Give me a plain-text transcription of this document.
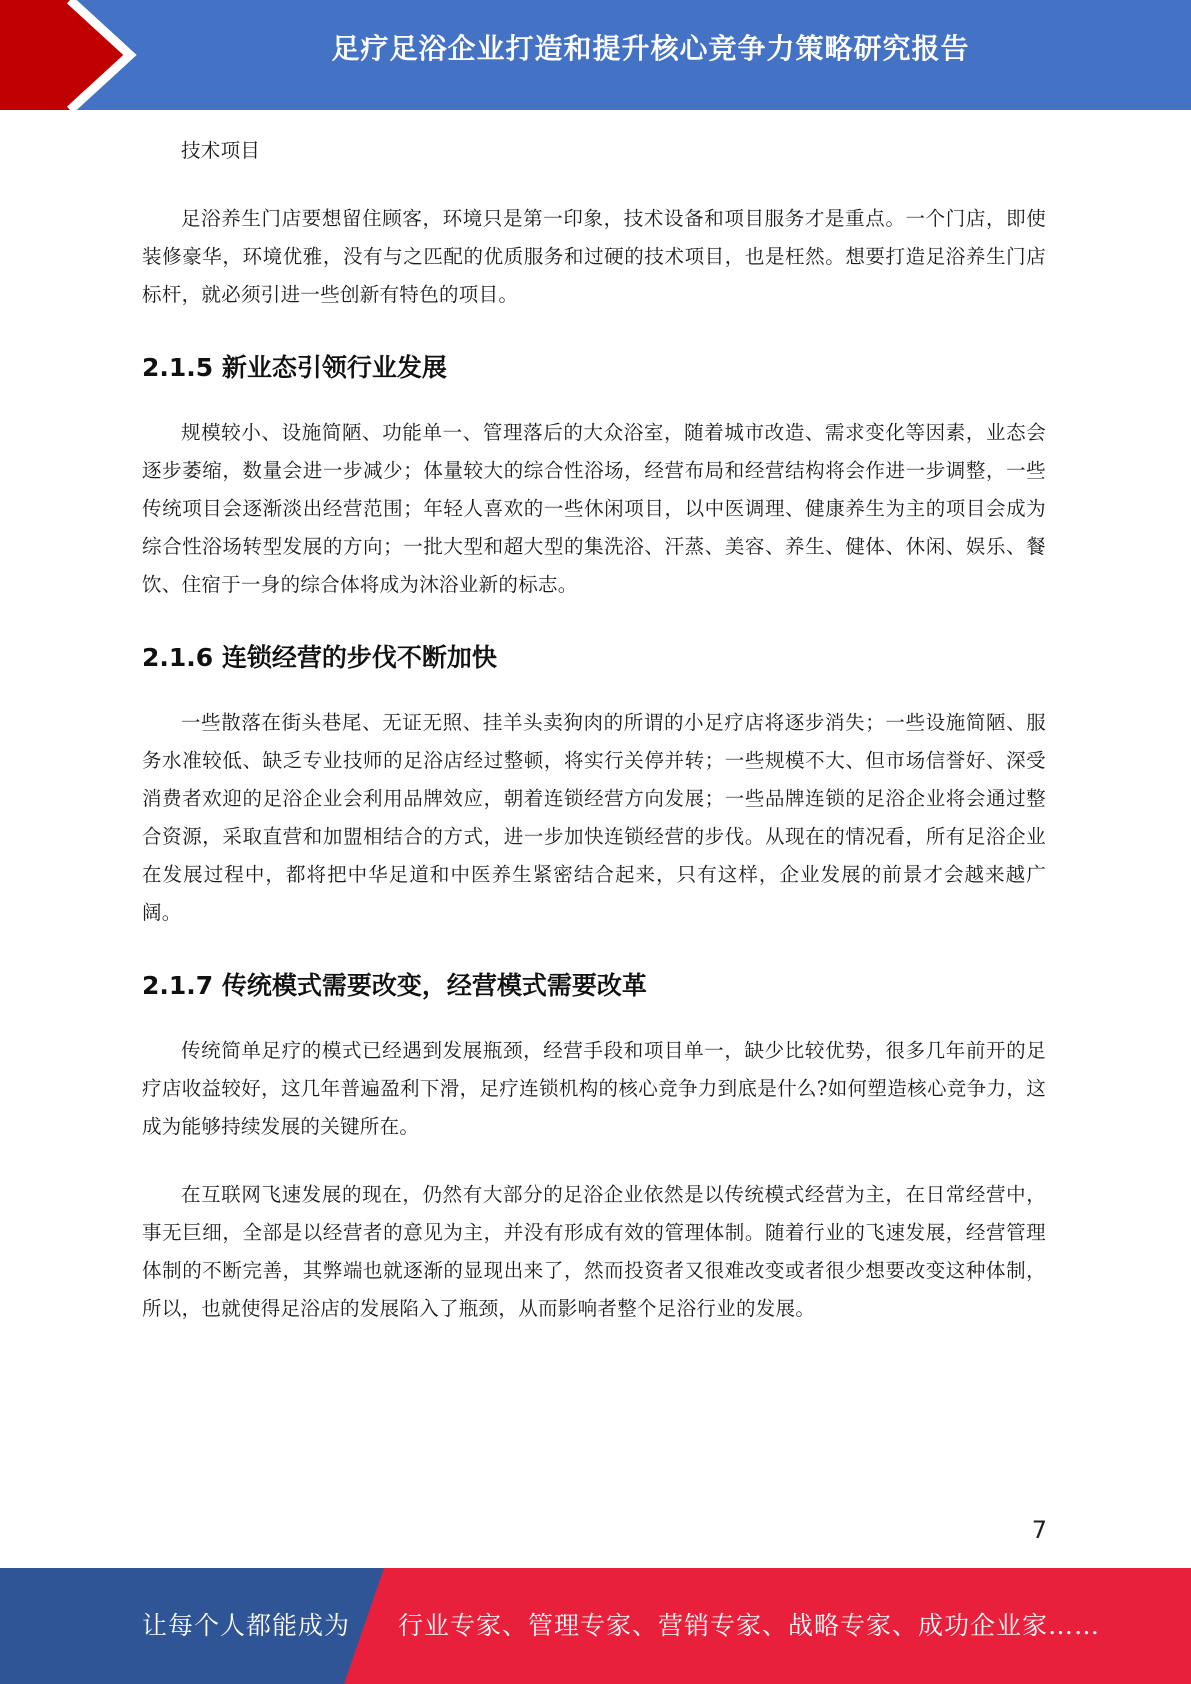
足疗足浴企业打造和提升核心竞争力策略研究报告

技术项目

足浴养生门店要想留住顾客，环境只是第一印象，技术设备和项目服务才是重点。一个门店，即使装修豪华，环境优雅，没有与之匹配的优质服务和过硬的技术项目，也是枉然。想要打造足浴养生门店标杆，就必须引进一些创新有特色的项目。

2.1.5 新业态引领行业发展

规模较小、设施简陋、功能单一、管理落后的大众浴室，随着城市改造、需求变化等因素，业态会逐步萎缩，数量会进一步减少；体量较大的综合性浴场，经营布局和经营结构将会作进一步调整，一些传统项目会逐渐淡出经营范围；年轻人喜欢的一些休闲项目，以中医调理、健康养生为主的项目会成为综合性浴场转型发展的方向；一批大型和超大型的集洗浴、汗蒸、美容、养生、健体、休闲、娱乐、餐饮、住宿于一身的综合体将成为沐浴业新的标志。

2.1.6 连锁经营的步伐不断加快

一些散落在街头巷尾、无证无照、挂羊头卖狗肉的所谓的小足疗店将逐步消失；一些设施简陋、服务水准较低、缺乏专业技师的足浴店经过整顿，将实行关停并转；一些规模不大、但市场信誉好、深受消费者欢迎的足浴企业会利用品牌效应，朝着连锁经营方向发展；一些品牌连锁的足浴企业将会通过整合资源，采取直营和加盟相结合的方式，进一步加快连锁经营的步伐。从现在的情况看，所有足浴企业在发展过程中，都将把中华足道和中医养生紧密结合起来，只有这样，企业发展的前景才会越来越广阔。

2.1.7 传统模式需要改变，经营模式需要改革

传统简单足疗的模式已经遇到发展瓶颈，经营手段和项目单一，缺少比较优势，很多几年前开的足疗店收益较好，这几年普遍盈利下滑，足疗连锁机构的核心竞争力到底是什么?如何塑造核心竞争力，这成为能够持续发展的关键所在。

在互联网飞速发展的现在，仍然有大部分的足浴企业依然是以传统模式经营为主，在日常经营中，事无巨细，全部是以经营者的意见为主，并没有形成有效的管理体制。随着行业的飞速发展，经营管理体制的不断完善，其弊端也就逐渐的显现出来了，然而投资者又很难改变或者很少想要改变这种体制，所以，也就使得足浴店的发展陷入了瓶颈，从而影响者整个足浴行业的发展。

7
让每个人都能成为 行业专家、管理专家、营销专家、战略专家、成功企业家……
